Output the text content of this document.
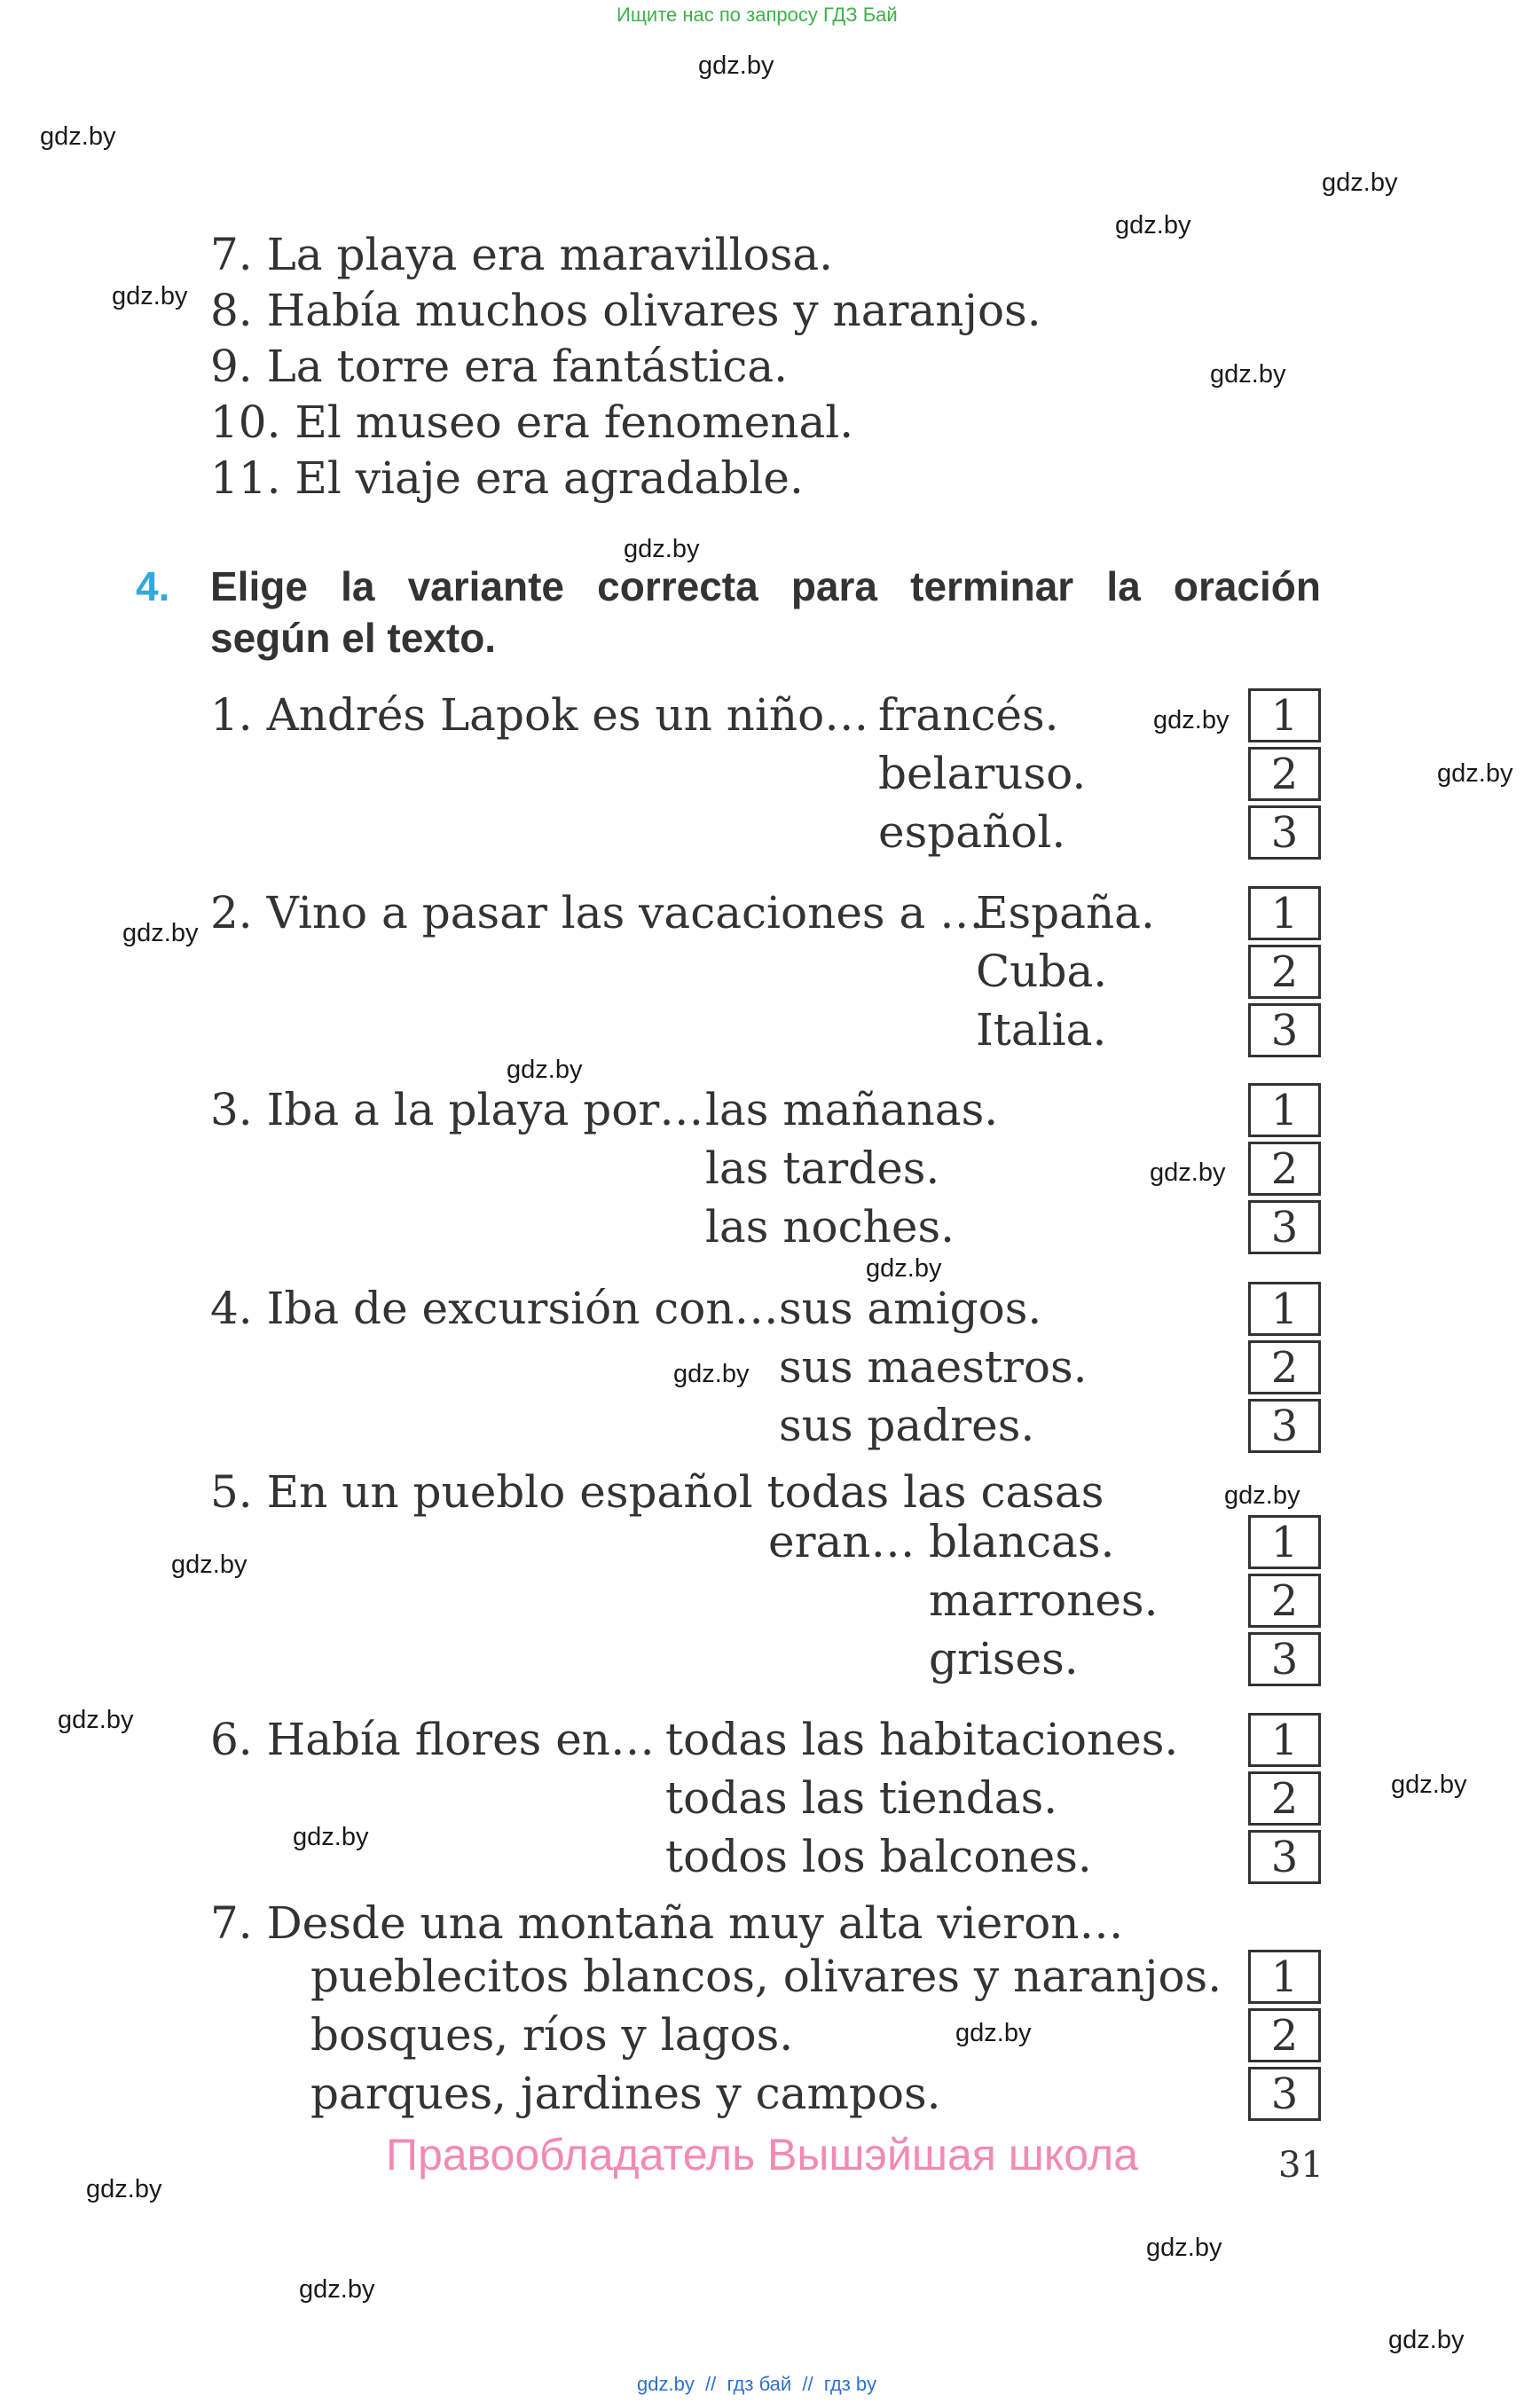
Ищите нас по запросу ГДЗ Бай
gdz.by
gdz.by
gdz.by
gdz.by
gdz.by
gdz.by
gdz.by
gdz.by
gdz.by
gdz.by
gdz.by
gdz.by
gdz.by
gdz.by
gdz.by
gdz.by
gdz.by
gdz.by
gdz.by
gdz.by
gdz.by
gdz.by
gdz.by
gdz.by
7. La playa era maravillosa.
8. Había muchos olivares y naranjos.
9. La torre era fantástica.
10. El museo era fenomenal.
11. El viaje era agradable.
4. Elige la variante correcta para terminar la oración
según el texto.
1. Andrés Lapok es un niño… francés.
belaruso.
español.
1
2
3
2. Vino a pasar las vacaciones a …
España.
Cuba.
Italia.
1
2
3
3. Iba a la playa por… las mañanas.
las tardes.
las noches.
1
2
3
4. Iba de excursión con… sus amigos.
sus maestros.
sus padres.
1
2
3
5. En un pueblo español todas las casas
eran… blancas.
marrones.
grises.
1
2
3
6. Había flores en… todas las habitaciones.
todas las tiendas.
todos los balcones.
1
2
3
7. Desde una montaña muy alta vieron…
pueblecitos blancos, olivares y naranjos.
bosques, ríos y lagos.
parques, jardines y campos.
1
2
3
Правообладатель Вышэйшая школа	31
gdz.by  //  гдз бай  //  гдз by
